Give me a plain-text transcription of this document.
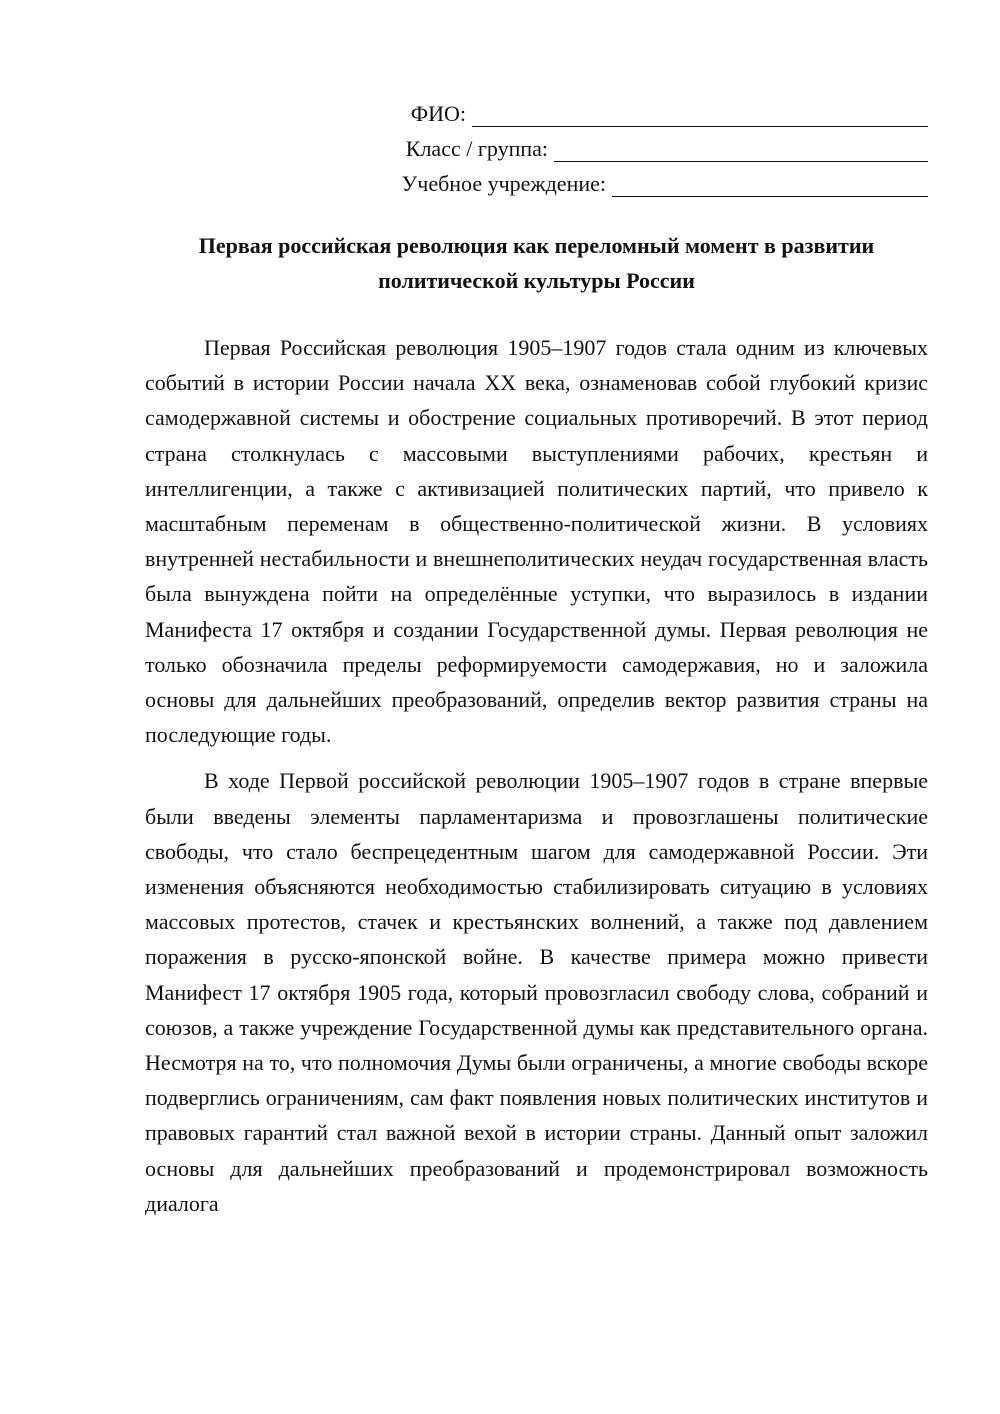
ФИО:
Класс / группа:
Учебное учреждение:
Первая российская революция как переломный момент в развитии политической культуры России

Первая Российская революция 1905–1907 годов стала одним из ключевых событий в истории России начала XX века, ознаменовав собой глубокий кризис самодержавной системы и обострение социальных противоречий. В этот период страна столкнулась с массовыми выступлениями рабочих, крестьян и интеллигенции, а также с активизацией политических партий, что привело к масштабным переменам в общественно-политической жизни. В условиях внутренней нестабильности и внешнеполитических неудач государственная власть была вынуждена пойти на определённые уступки, что выразилось в издании Манифеста 17 октября и создании Государственной думы. Первая революция не только обозначила пределы реформируемости самодержавия, но и заложила основы для дальнейших преобразований, определив вектор развития страны на последующие годы.

В ходе Первой российской революции 1905–1907 годов в стране впервые были введены элементы парламентаризма и провозглашены политические свободы, что стало беспрецедентным шагом для самодержавной России. Эти изменения объясняются необходимостью стабилизировать ситуацию в условиях массовых протестов, стачек и крестьянских волнений, а также под давлением поражения в русско-японской войне. В качестве примера можно привести Манифест 17 октября 1905 года, который провозгласил свободу слова, собраний и союзов, а также учреждение Государственной думы как представительного органа. Несмотря на то, что полномочия Думы были ограничены, а многие свободы вскоре подверглись ограничениям, сам факт появления новых политических институтов и правовых гарантий стал важной вехой в истории страны. Данный опыт заложил основы для дальнейших преобразований и продемонстрировал возможность диалога
